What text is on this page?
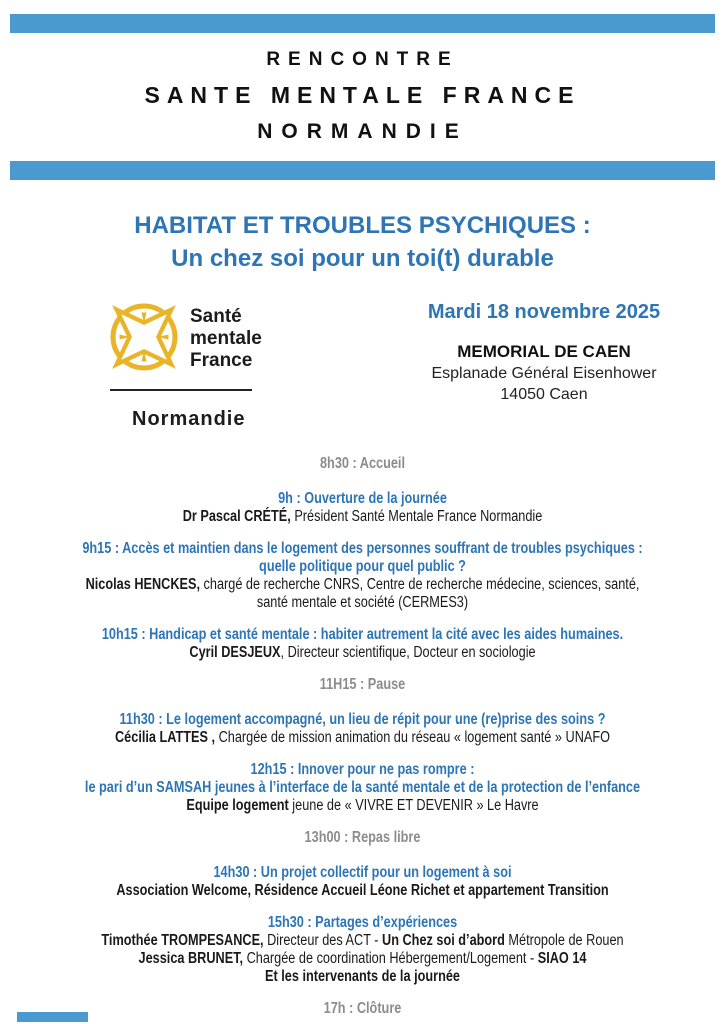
RENCONTRE
SANTE MENTALE FRANCE
NORMANDIE
HABITAT ET TROUBLES PSYCHIQUES :
Un chez soi pour un toi(t) durable
Santé
mentale
France
Normandie
Mardi 18 novembre 2025
MEMORIAL DE CAEN
Esplanade Général Eisenhower
14050 Caen
8h30 : Accueil
9h : Ouverture de la journée
Dr Pascal CRÉTÉ, Président Santé Mentale France Normandie
9h15 : Accès et maintien dans le logement des personnes souffrant de troubles psychiques :
quelle politique pour quel public ?
Nicolas HENCKES, chargé de recherche CNRS, Centre de recherche médecine, sciences, santé,
santé mentale et société (CERMES3)
10h15 : Handicap et santé mentale : habiter autrement la cité avec les aides humaines.
Cyril DESJEUX, Directeur scientifique, Docteur en sociologie
11H15 : Pause
11h30 : Le logement accompagné, un lieu de répit pour une (re)prise des soins ?
Cécilia LATTES , Chargée de mission animation du réseau « logement santé » UNAFO
12h15 : Innover pour ne pas rompre :
le pari d’un SAMSAH jeunes à l’interface de la santé mentale et de la protection de l’enfance
Equipe logement jeune de « VIVRE ET DEVENIR » Le Havre
13h00 : Repas libre
14h30 : Un projet collectif pour un logement à soi
Association Welcome, Résidence Accueil Léone Richet et appartement Transition
15h30 : Partages d’expériences
Timothée TROMPESANCE, Directeur des ACT - Un Chez soi d’abord Métropole de Rouen
Jessica BRUNET, Chargée de coordination Hébergement/Logement - SIAO 14
Et les intervenants de la journée
17h : Clôture
